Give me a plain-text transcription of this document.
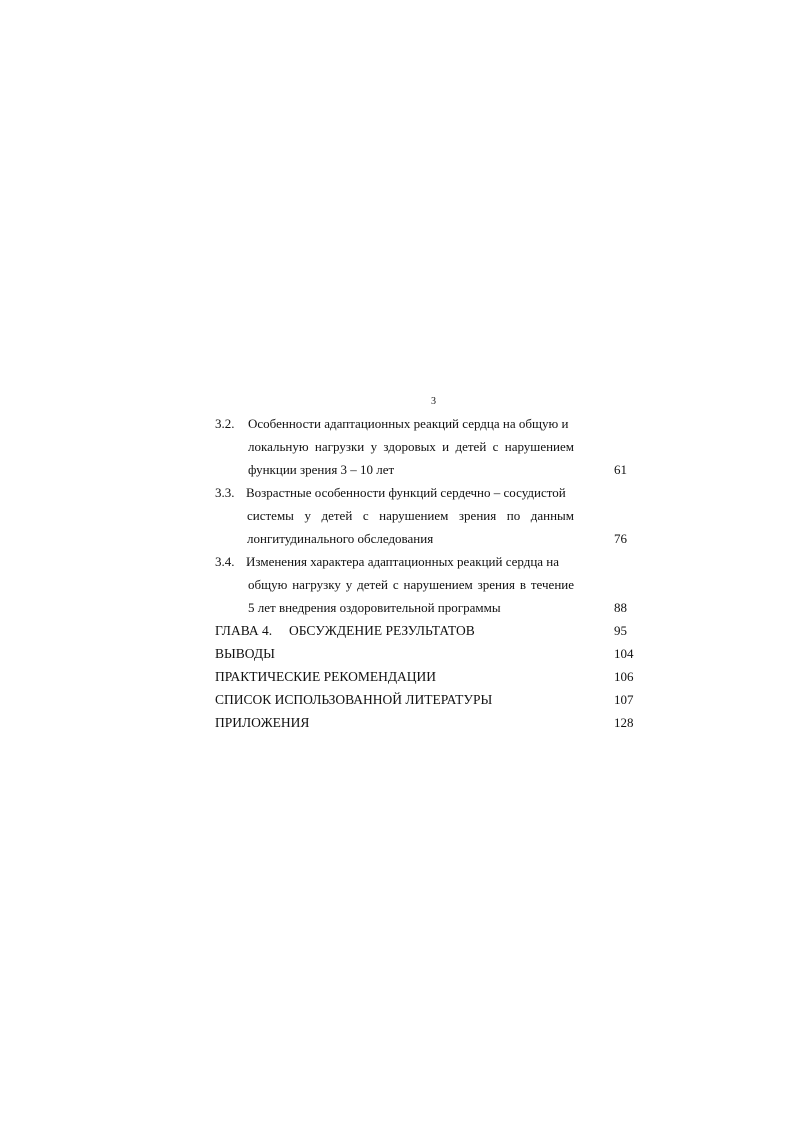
3
3.2. Особенности адаптационных реакций сердца на общую и
локальную нагрузки у здоровых и детей с нарушением
функции зрения 3 – 10 лет	61
3.3. Возрастные особенности функций сердечно – сосудистой
системы у детей с нарушением зрения по данным
лонгитудинального обследования	76
3.4. Изменения характера адаптационных реакций сердца на
общую нагрузку у детей с нарушением зрения в течение
5 лет внедрения оздоровительной программы	88
ГЛАВА 4. ОБСУЖДЕНИЕ РЕЗУЛЬТАТОВ	95
ВЫВОДЫ	104
ПРАКТИЧЕСКИЕ РЕКОМЕНДАЦИИ	106
СПИСОК ИСПОЛЬЗОВАННОЙ ЛИТЕРАТУРЫ	107
ПРИЛОЖЕНИЯ	128
